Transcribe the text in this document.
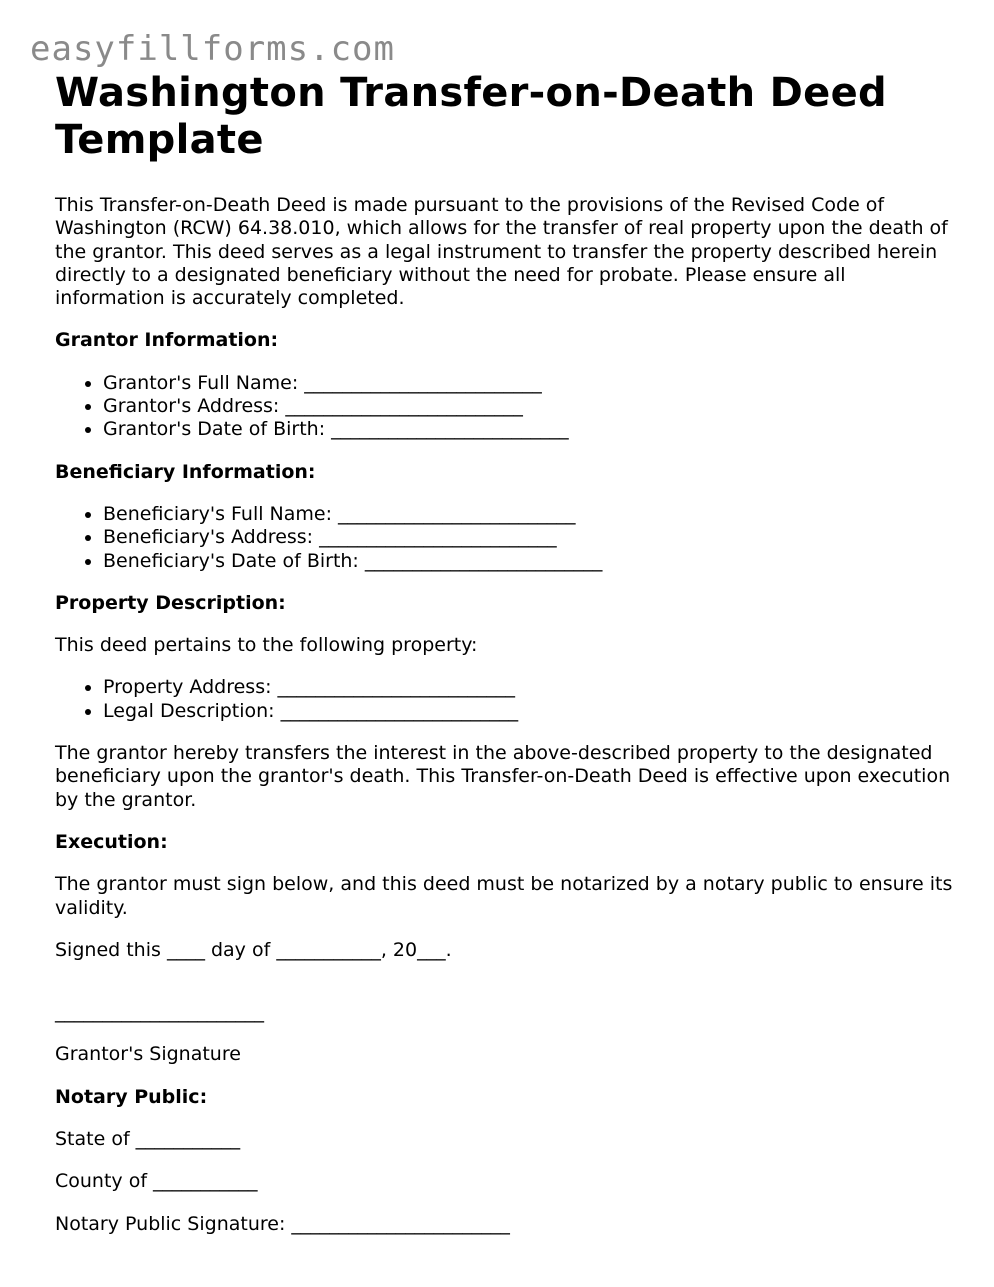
easyfillforms.com
Washington Transfer-on-Death Deed Template

This Transfer-on-Death Deed is made pursuant to the provisions of the Revised Code of Washington (RCW) 64.38.010, which allows for the transfer of real property upon the death of the grantor. This deed serves as a legal instrument to transfer the property described herein directly to a designated beneficiary without the need for probate. Please ensure all information is accurately completed.

Grantor Information:

• Grantor's Full Name: _________________________
• Grantor's Address: _________________________
• Grantor's Date of Birth: _________________________

Beneficiary Information:

• Beneficiary's Full Name: _________________________
• Beneficiary's Address: _________________________
• Beneficiary's Date of Birth: _________________________

Property Description:

This deed pertains to the following property:

• Property Address: _________________________
• Legal Description: _________________________

The grantor hereby transfers the interest in the above-described property to the designated beneficiary upon the grantor's death. This Transfer-on-Death Deed is effective upon execution by the grantor.

Execution:

The grantor must sign below, and this deed must be notarized by a notary public to ensure its validity.

Signed this ____ day of ___________, 20___.

______________________

Grantor's Signature

Notary Public:

State of ___________

County of ___________

Notary Public Signature: _______________________
